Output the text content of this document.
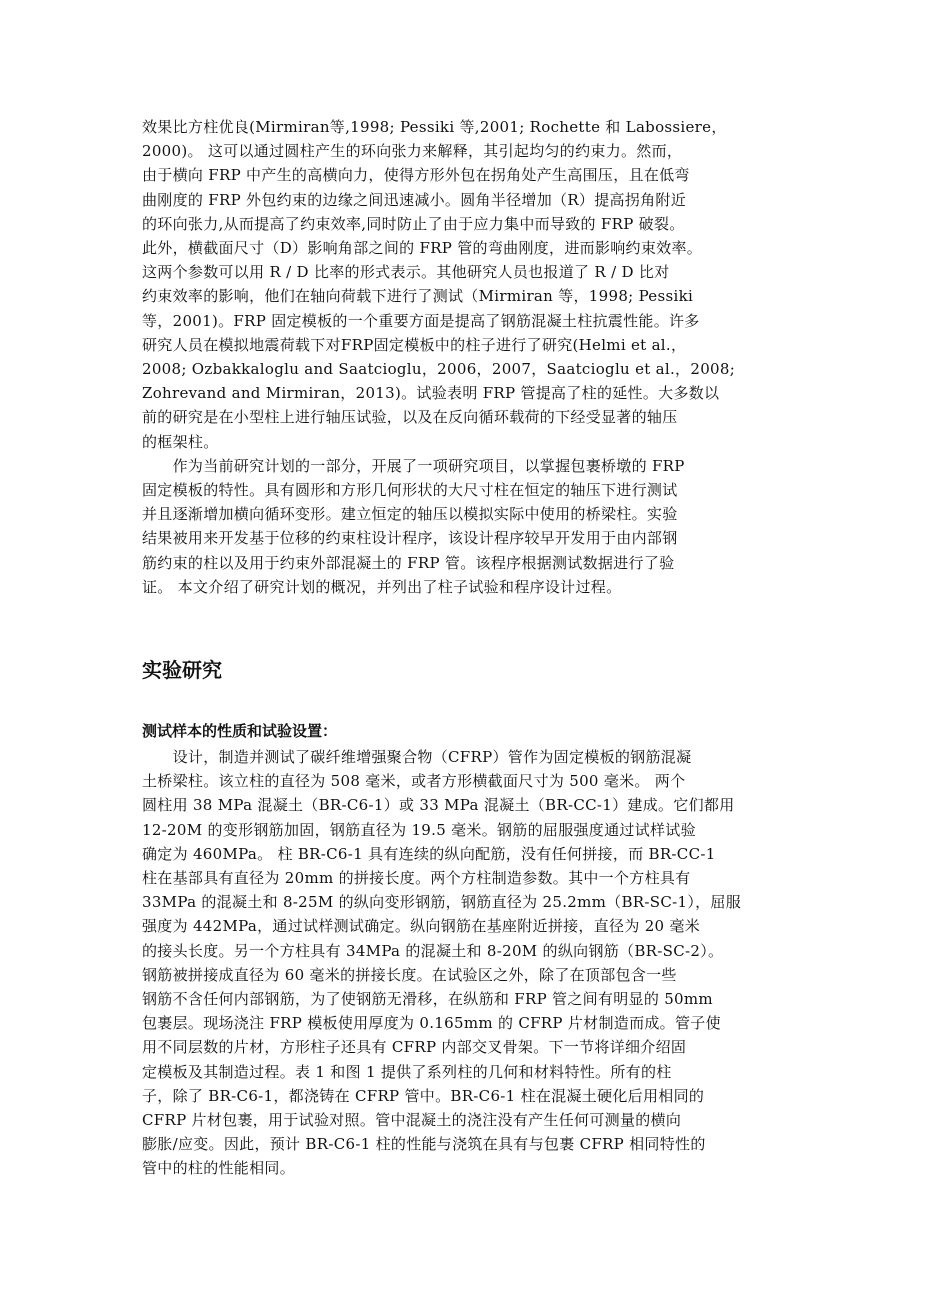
效果比方柱优良(Mirmiran等,1998; Pessiki 等,2001; Rochette 和 Labossiere，
2000)。 这可以通过圆柱产生的环向张力来解释，其引起均匀的约束力。然而，
由于横向 FRP 中产生的高横向力，使得方形外包在拐角处产生高围压，且在低弯
曲刚度的 FRP 外包约束的边缘之间迅速减小。圆角半径增加（R）提高拐角附近
的环向张力,从而提高了约束效率,同时防止了由于应力集中而导致的 FRP 破裂。
此外，横截面尺寸（D）影响角部之间的 FRP 管的弯曲刚度，进而影响约束效率。
这两个参数可以用 R / D 比率的形式表示。其他研究人员也报道了 R / D 比对
约束效率的影响，他们在轴向荷载下进行了测试（Mirmiran 等，1998; Pessiki
等，2001)。FRP 固定模板的一个重要方面是提高了钢筋混凝土柱抗震性能。许多
研究人员在模拟地震荷载下对FRP固定模板中的柱子进行了研究(Helmi et al.，
2008; Ozbakkaloglu and Saatcioglu，2006，2007，Saatcioglu et al.，2008;
Zohrevand and Mirmiran，2013)。试验表明 FRP 管提高了柱的延性。大多数以
前的研究是在小型柱上进行轴压试验，以及在反向循环载荷的下经受显著的轴压
的框架柱。
　　作为当前研究计划的一部分，开展了一项研究项目，以掌握包裹桥墩的 FRP
固定模板的特性。具有圆形和方形几何形状的大尺寸柱在恒定的轴压下进行测试
并且逐渐增加横向循环变形。建立恒定的轴压以模拟实际中使用的桥梁柱。实验
结果被用来开发基于位移的约束柱设计程序，该设计程序较早开发用于由内部钢
筋约束的柱以及用于约束外部混凝土的 FRP 管。该程序根据测试数据进行了验
证。 本文介绍了研究计划的概况，并列出了柱子试验和程序设计过程。
实验研究
测试样本的性质和试验设置：
　　设计，制造并测试了碳纤维增强聚合物（CFRP）管作为固定模板的钢筋混凝
土桥梁柱。该立柱的直径为 508 毫米，或者方形横截面尺寸为 500 毫米。 两个
圆柱用 38 MPa 混凝土（BR-C6-1）或 33 MPa 混凝土（BR-CC-1）建成。它们都用
12-20M 的变形钢筋加固，钢筋直径为 19.5 毫米。钢筋的屈服强度通过试样试验
确定为 460MPa。 柱 BR-C6-1 具有连续的纵向配筋，没有任何拼接，而 BR-CC-1
柱在基部具有直径为 20mm 的拼接长度。两个方柱制造参数。其中一个方柱具有
33MPa 的混凝土和 8-25M 的纵向变形钢筋，钢筋直径为 25.2mm（BR-SC-1），屈服
强度为 442MPa，通过试样测试确定。纵向钢筋在基座附近拼接，直径为 20 毫米
的接头长度。另一个方柱具有 34MPa 的混凝土和 8-20M 的纵向钢筋（BR-SC-2）。
钢筋被拼接成直径为 60 毫米的拼接长度。在试验区之外，除了在顶部包含一些
钢筋不含任何内部钢筋，为了使钢筋无滑移，在纵筋和 FRP 管之间有明显的 50mm
包裹层。现场浇注 FRP 模板使用厚度为 0.165mm 的 CFRP 片材制造而成。管子使
用不同层数的片材，方形柱子还具有 CFRP 内部交叉骨架。下一节将详细介绍固
定模板及其制造过程。表 1 和图 1 提供了系列柱的几何和材料特性。所有的柱
子，除了 BR-C6-1，都浇铸在 CFRP 管中。BR-C6-1 柱在混凝土硬化后用相同的
CFRP 片材包裹，用于试验对照。管中混凝土的浇注没有产生任何可测量的横向
膨胀/应变。因此，预计 BR-C6-1 柱的性能与浇筑在具有与包裹 CFRP 相同特性的
管中的柱的性能相同。
